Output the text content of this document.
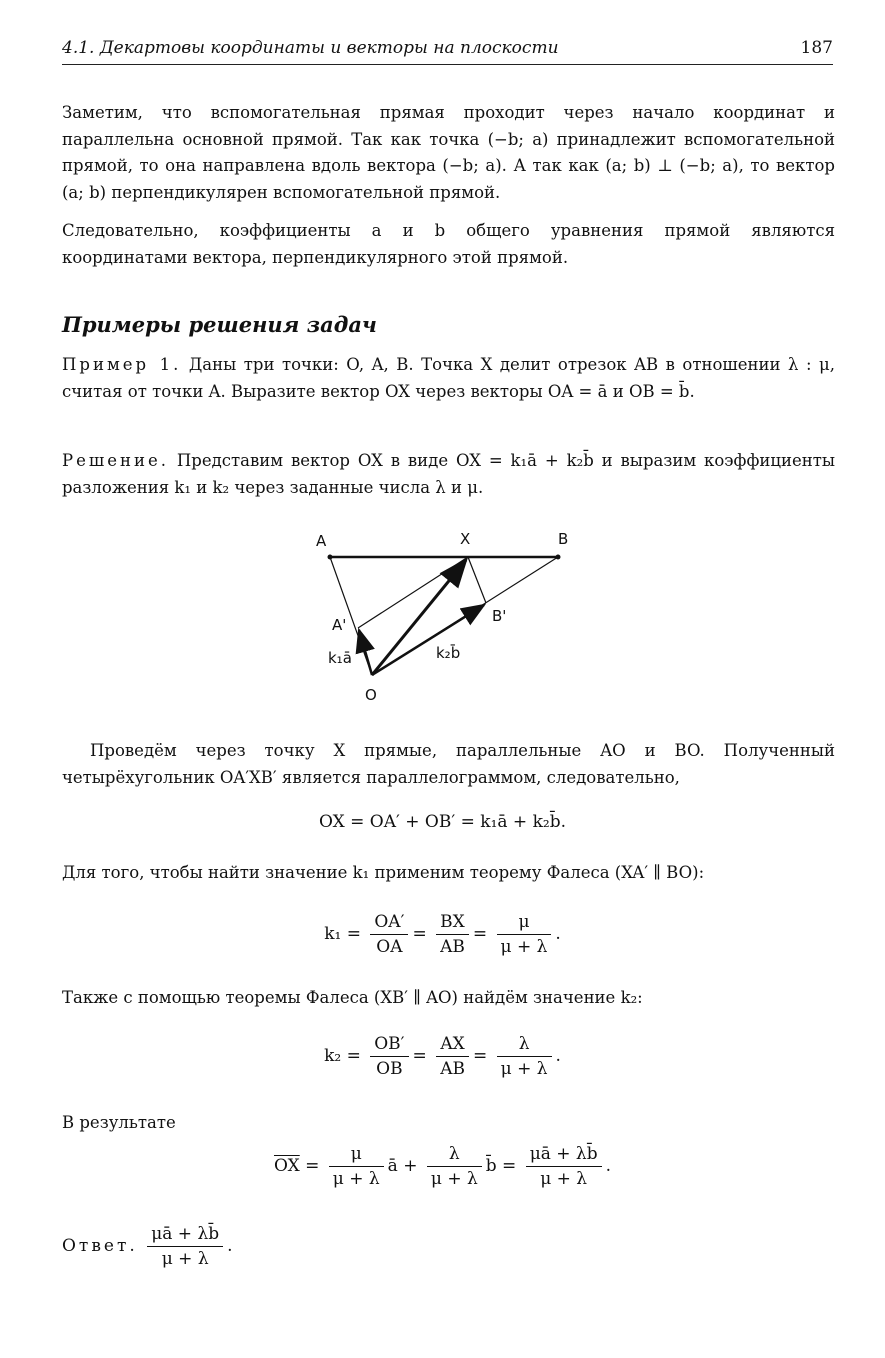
4.1. Декартовы координаты и векторы на плоскости	187
Заметим, что вспомогательная прямая проходит через начало координат и параллельна основной прямой. Так как точка (−b; a) принадлежит вспомогательной прямой, то она направлена вдоль вектора (−b; a). А так как (a; b) ⊥ (−b; a), то вектор (a; b) перпендикулярен вспомогательной прямой.
Следовательно, коэффициенты a и b общего уравнения прямой являются координатами вектора, перпендикулярного этой прямой.
Примеры решения задач
Пример 1. Даны три точки: O, A, B. Точка X делит отрезок AB в отношении λ : μ, считая от точки A. Выразите вектор OX через векторы OA = ā и OB = b̄.
Решение. Представим вектор OX в виде OX = k₁ā + k₂b̄ и выразим коэффициенты разложения k₁ и k₂ через заданные числа λ и μ.
A	X	B
A'	B'
k₁ā	k₂b̄
O
Проведём через точку X прямые, параллельные AO и BO. Полученный четырёхугольник OA′XB′ является параллелограммом, следовательно,
OX = OA′ + OB′ = k₁ā + k₂b̄.
Для того, чтобы найти значение k₁ применим теорему Фалеса (XA′ ∥ BO):
$k_1 = \frac{OA'}{OA} = \frac{BX}{AB} = \frac{\mu}{\mu + \lambda}$ .
Также с помощью теоремы Фалеса (XB′ ∥ AO) найдём значение k₂:
$k_2 = \frac{OB'}{OB} = \frac{AX}{AB} = \frac{\lambda}{\mu + \lambda}$ .
В результате
$\overline{OX} = \frac{\mu}{\mu + \lambda}$ ā + $\frac{\lambda}{\mu + \lambda}$ b̄ = $\frac{\mu ā + \lambda b̄}{\mu + \lambda}$ .
Ответ. $\frac{\mu ā + \lambda b̄}{\mu + \lambda}$ .
